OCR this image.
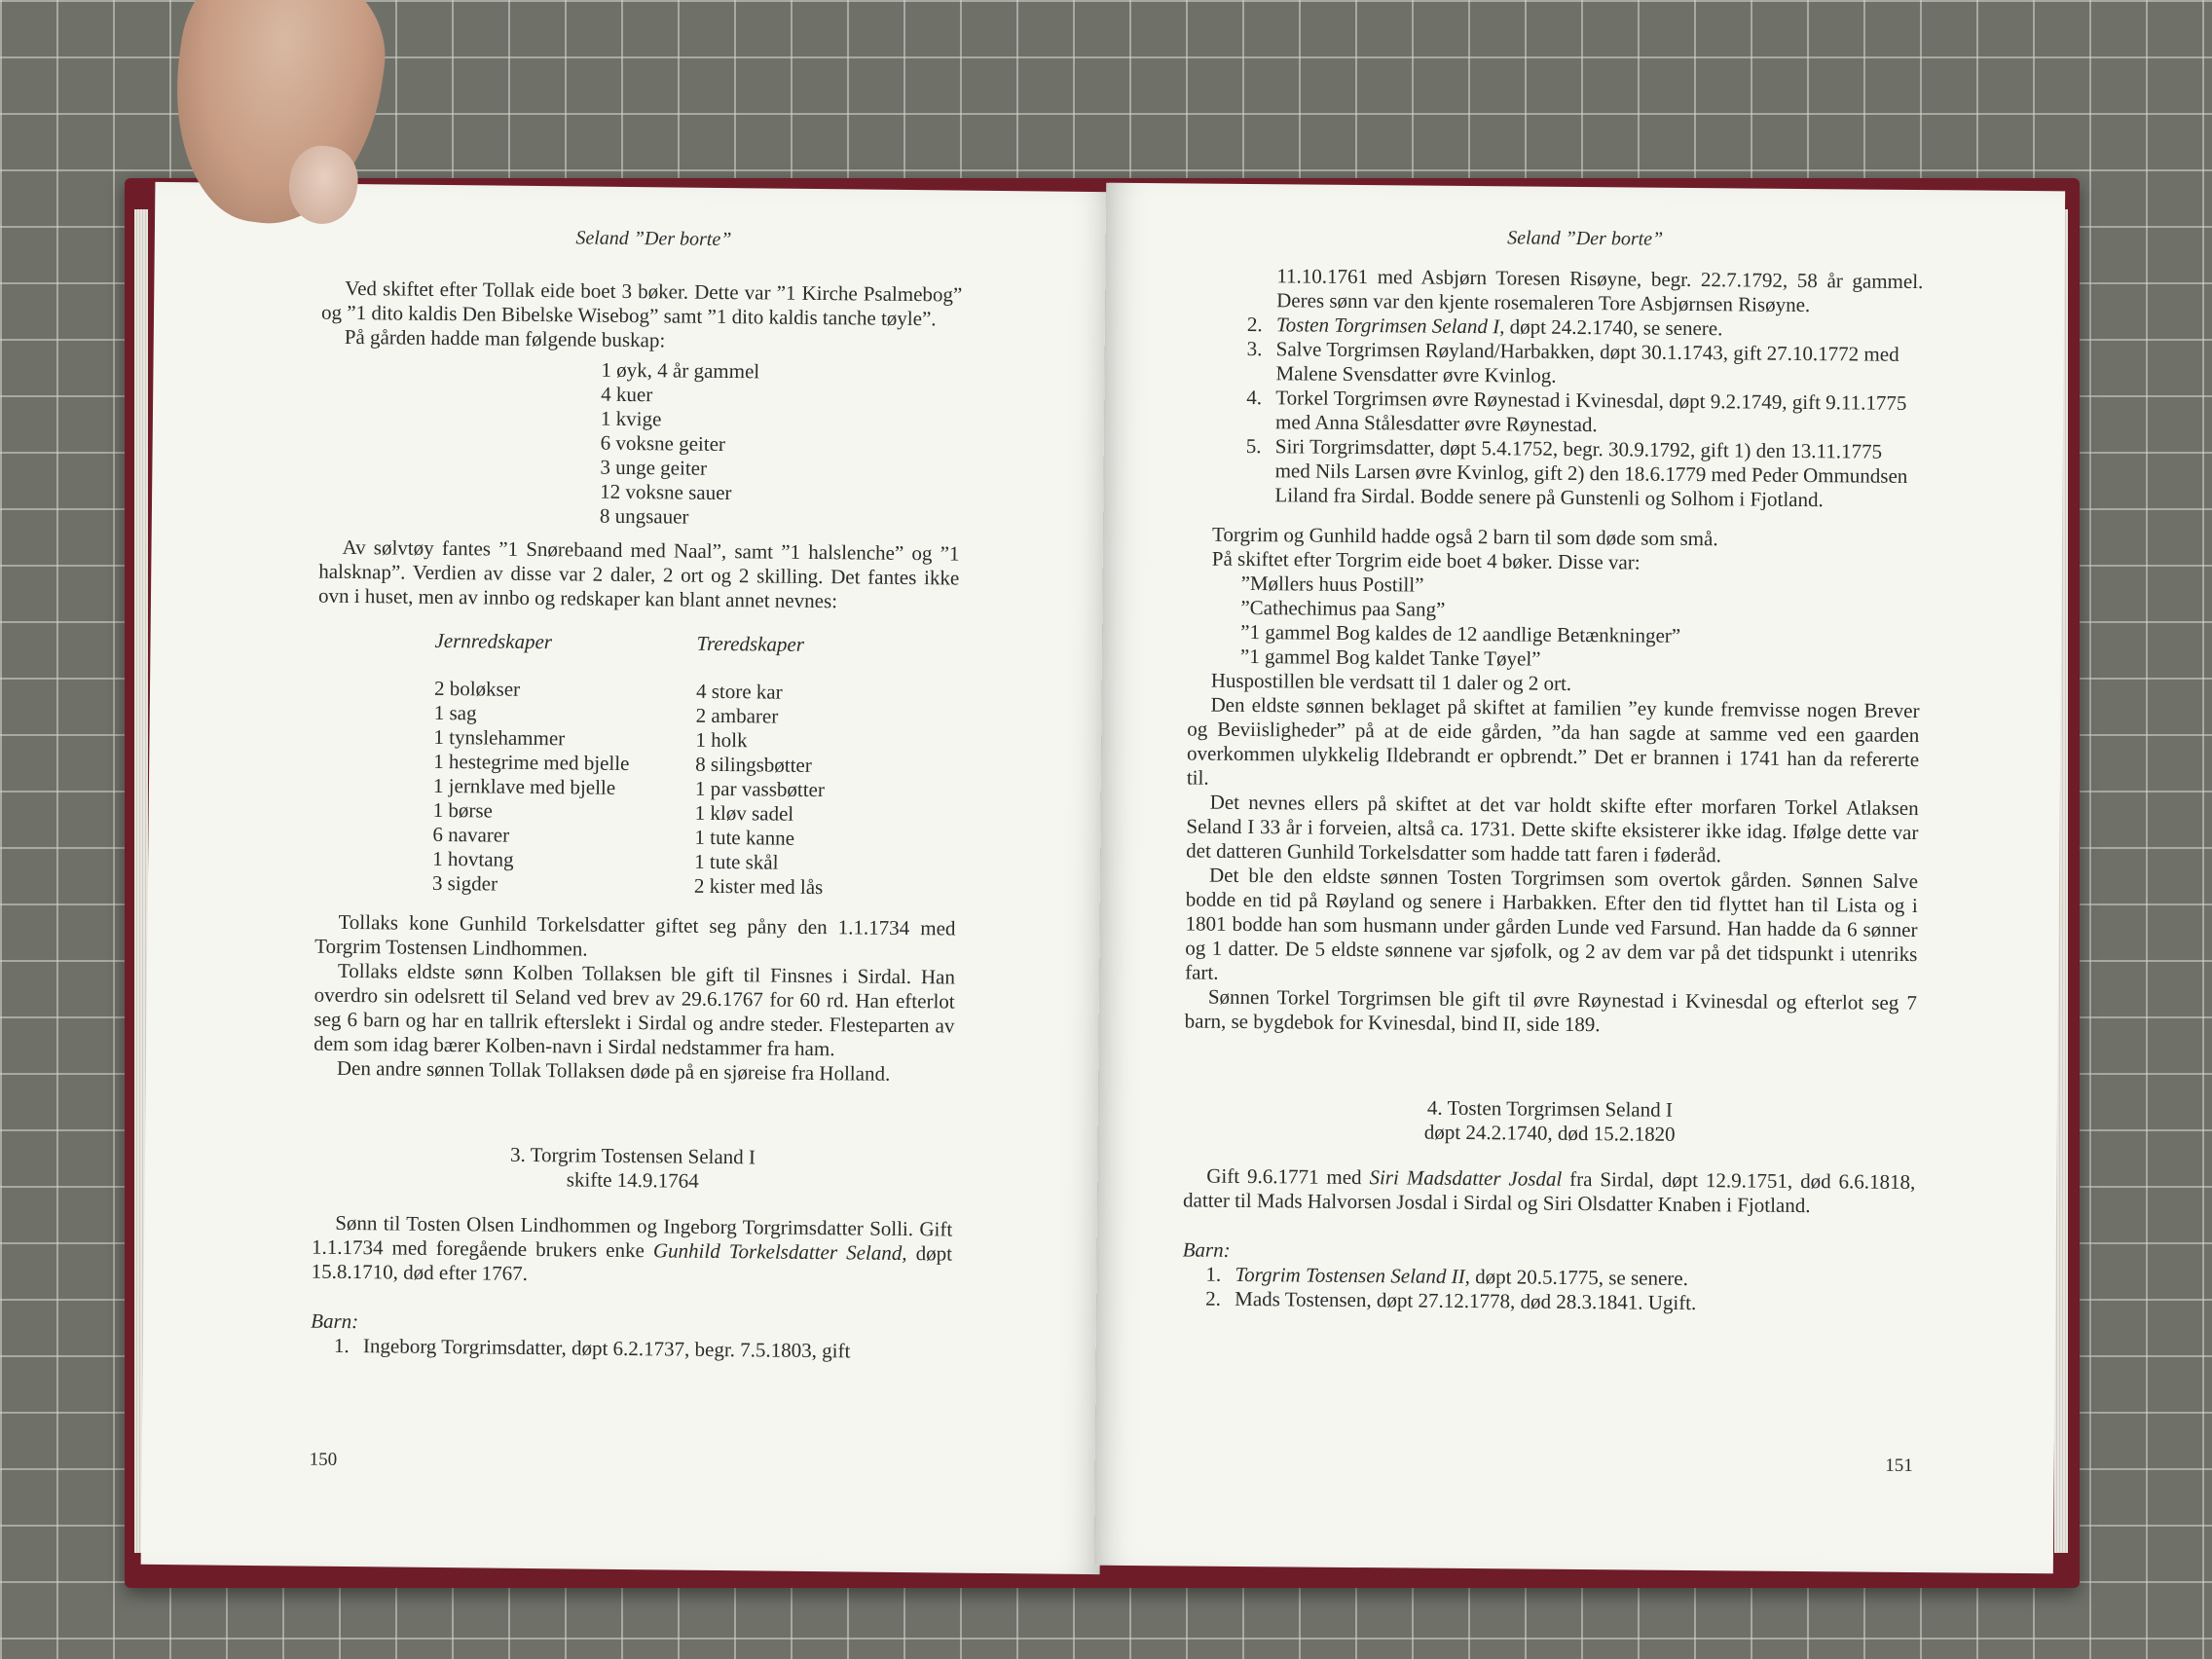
Seland ”Der borte”

Ved skiftet efter Tollak eide boet 3 bøker. Dette var ”1 Kirche Psalmebog” og ”1 dito kaldis Den Bibelske Wisebog” samt ”1 dito kaldis tanche tøyle”.

På gården hadde man følgende buskap:

1 øyk, 4 år gammel
4 kuer
1 kvige
6 voksne geiter
3 unge geiter
12 voksne sauer
8 ungsauer

Av sølvtøy fantes ”1 Snørebaand med Naal”, samt ”1 halslenche” og ”1 halsknap”. Verdien av disse var 2 daler, 2 ort og 2 skilling. Det fantes ikke ovn i huset, men av innbo og redskaper kan blant annet nevnes:

Jernredskaper
2 boløkser
1 sag
1 tynslehammer
1 hestegrime med bjelle
1 jernklave med bjelle
1 børse
6 navarer
1 hovtang
3 sigder
Treredskaper
4 store kar
2 ambarer
1 holk
8 silingsbøtter
1 par vassbøtter
1 kløv sadel
1 tute kanne
1 tute skål
2 kister med lås

Tollaks kone Gunhild Torkelsdatter giftet seg påny den 1.1.1734 med Torgrim Tostensen Lindhommen.

Tollaks eldste sønn Kolben Tollaksen ble gift til Finsnes i Sirdal. Han overdro sin odelsrett til Seland ved brev av 29.6.1767 for 60 rd. Han efterlot seg 6 barn og har en tallrik efterslekt i Sirdal og andre steder. Flesteparten av dem som idag bærer Kolben-navn i Sirdal nedstammer fra ham.

Den andre sønnen Tollak Tollaksen døde på en sjøreise fra Holland.

3. Torgrim Tostensen Seland I
skifte 14.9.1764

Sønn til Tosten Olsen Lindhommen og Ingeborg Torgrimsdatter Solli. Gift 1.1.1734 med foregående brukers enke Gunhild Torkelsdatter Seland, døpt 15.8.1710, død efter 1767.

Barn:
1. Ingeborg Torgrimsdatter, døpt 6.2.1737, begr. 7.5.1803, gift
150
Seland ”Der borte”

11.10.1761 med Asbjørn Toresen Risøyne, begr. 22.7.1792, 58 år gammel. Deres sønn var den kjente rosemaleren Tore Asbjørnsen Risøyne.

2. Tosten Torgrimsen Seland I, døpt 24.2.1740, se senere.
3. Salve Torgrimsen Røyland/Harbakken, døpt 30.1.1743, gift 27.10.1772 med Malene Svensdatter øvre Kvinlog.
4. Torkel Torgrimsen øvre Røynestad i Kvinesdal, døpt 9.2.1749, gift 9.11.1775 med Anna Stålesdatter øvre Røynestad.
5. Siri Torgrimsdatter, døpt 5.4.1752, begr. 30.9.1792, gift 1) den 13.11.1775 med Nils Larsen øvre Kvinlog, gift 2) den 18.6.1779 med Peder Ommundsen Liland fra Sirdal. Bodde senere på Gunstenli og Solhom i Fjotland.

Torgrim og Gunhild hadde også 2 barn til som døde som små.

På skiftet efter Torgrim eide boet 4 bøker. Disse var:

”Møllers huus Postill”
”Cathechimus paa Sang”
”1 gammel Bog kaldes de 12 aandlige Betænkninger”
”1 gammel Bog kaldet Tanke Tøyel”

Huspostillen ble verdsatt til 1 daler og 2 ort.

Den eldste sønnen beklaget på skiftet at familien ”ey kunde fremvisse nogen Brever og Beviisligheder” på at de eide gården, ”da han sagde at samme ved een gaarden overkommen ulykkelig Ildebrandt er opbrendt.” Det er brannen i 1741 han da refererte til.

Det nevnes ellers på skiftet at det var holdt skifte efter morfaren Torkel Atlaksen Seland I 33 år i forveien, altså ca. 1731. Dette skifte eksisterer ikke idag. Ifølge dette var det datteren Gunhild Torkelsdatter som hadde tatt faren i føderåd.

Det ble den eldste sønnen Tosten Torgrimsen som overtok gården. Sønnen Salve bodde en tid på Røyland og senere i Harbakken. Efter den tid flyttet han til Lista og i 1801 bodde han som husmann under gården Lunde ved Farsund. Han hadde da 6 sønner og 1 datter. De 5 eldste sønnene var sjøfolk, og 2 av dem var på det tidspunkt i utenriks fart.

Sønnen Torkel Torgrimsen ble gift til øvre Røynestad i Kvinesdal og efterlot seg 7 barn, se bygdebok for Kvinesdal, bind II, side 189.

4. Tosten Torgrimsen Seland I
døpt 24.2.1740, død 15.2.1820

Gift 9.6.1771 med Siri Madsdatter Josdal fra Sirdal, døpt 12.9.1751, død 6.6.1818, datter til Mads Halvorsen Josdal i Sirdal og Siri Olsdatter Knaben i Fjotland.

Barn:
1. Torgrim Tostensen Seland II, døpt 20.5.1775, se senere.
2. Mads Tostensen, døpt 27.12.1778, død 28.3.1841. Ugift.
151
